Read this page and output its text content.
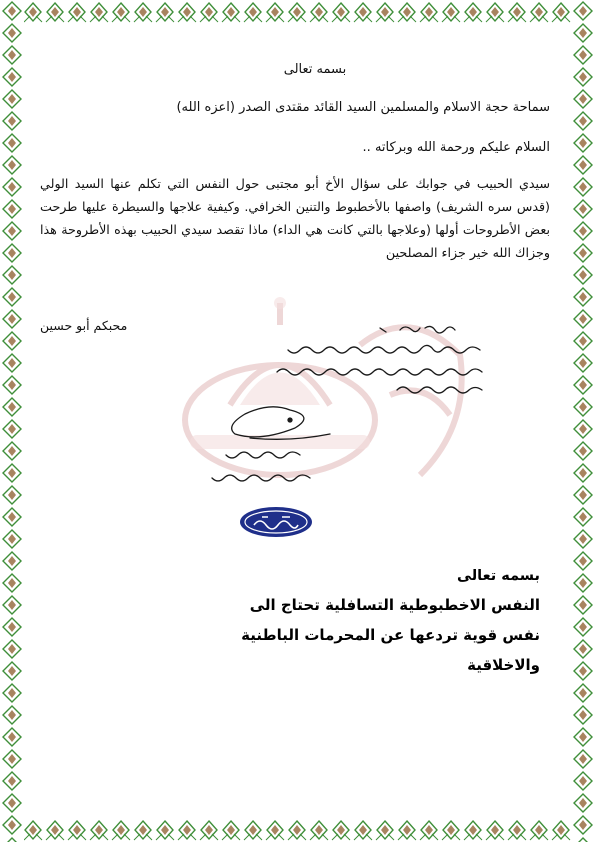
بسمه تعالى
سماحة حجة الاسلام والمسلمين السيد القائد مقتدى الصدر (اعزه الله)
السلام عليكم ورحمة الله وبركاته ..
سيدي الحبيب في جوابك على سؤال الأخ أبو مجتبى حول النفس التي تكلم عنها السيد الولي (قدس سره الشريف) واصفها بالأخطبوط والتنين الخرافي. وكيفية علاجها والسيطرة عليها طرحت بعض الأطروحات أولها (وعلاجها بالتي كانت هي الداء) ماذا تقصد سيدي الحبيب بهذه الأطروحة هذا وجزاك الله خير جزاء المصلحين
محبكم أبو حسين
بسمه تعالى
النفس الاخطبوطية التسافلية تحتاج الى
نفس قوية تردعها عن المحرمات الباطنية
والاخلاقية
